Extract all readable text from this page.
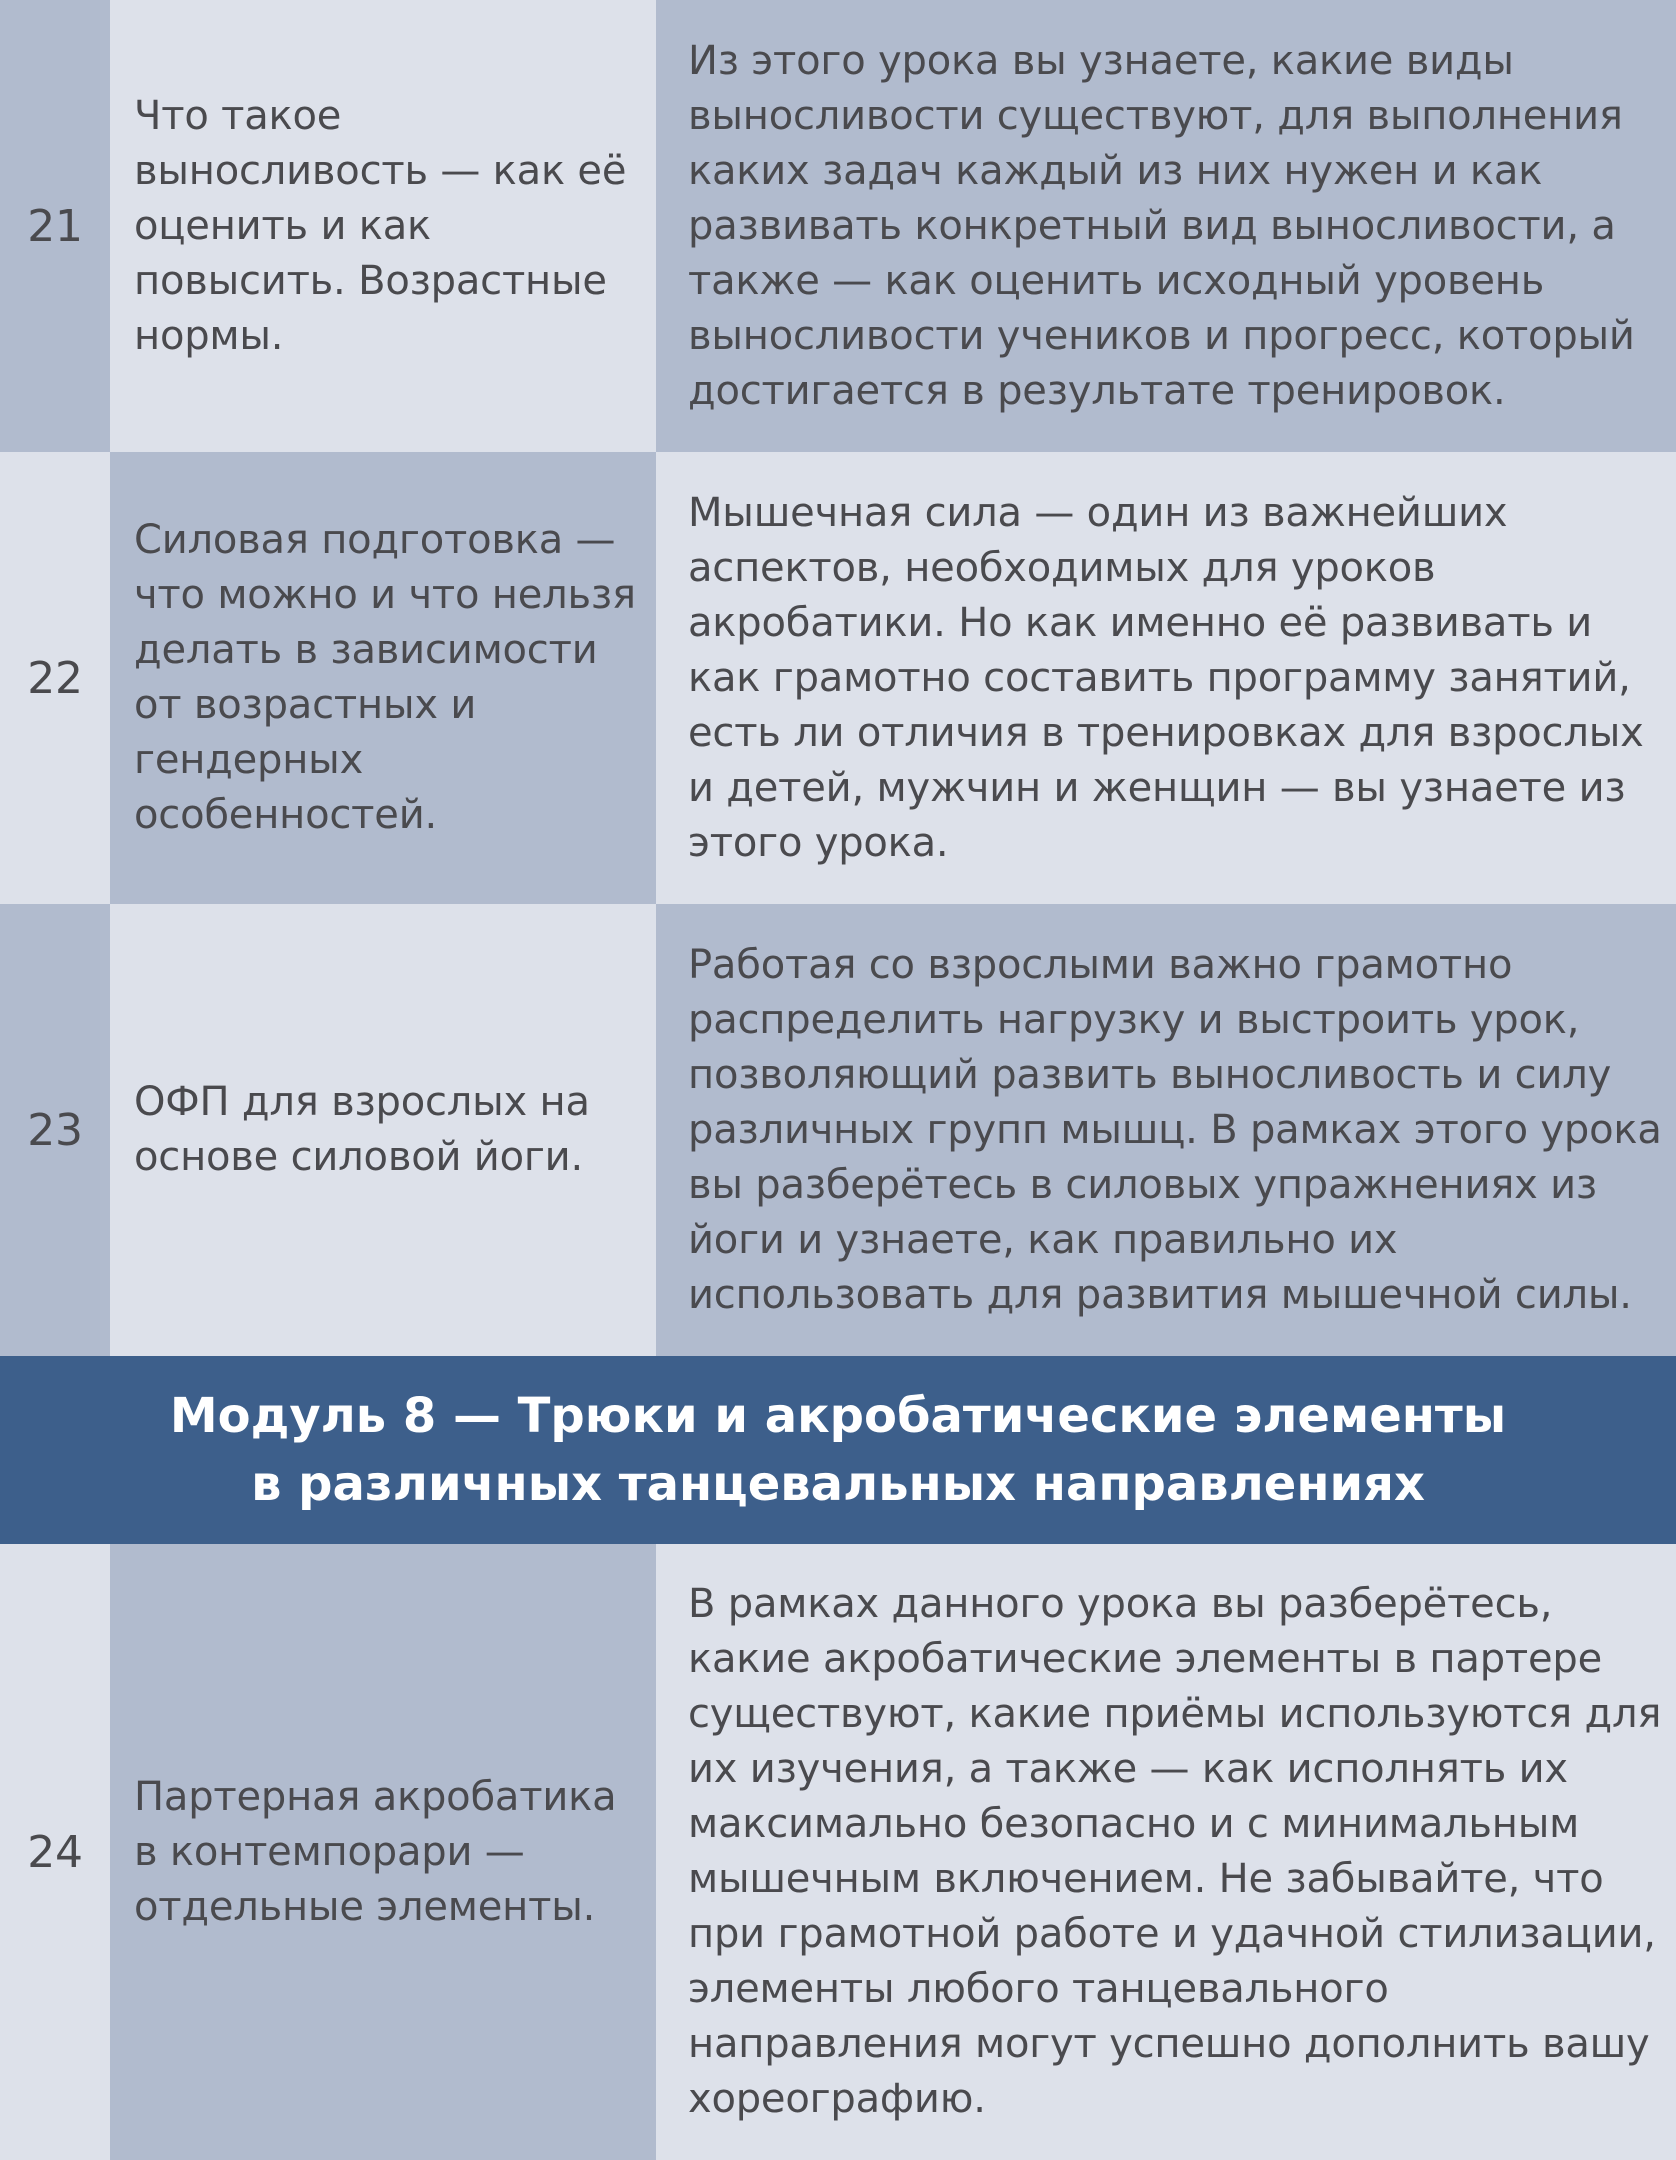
21
Что такое выносливость — как её оценить и как повысить. Возрастные нормы.
Из этого урока вы узнаете, какие виды выносливости существуют, для выполнения каких задач каждый из них нужен и как развивать конкретный вид выносливости, а также — как оценить исходный уровень выносливости учеников и прогресс, который достигается в результате тренировок.
22
Силовая подготовка — что можно и что нельзя делать в зависимости от возрастных и гендерных особенностей.
Мышечная сила — один из важнейших аспектов, необходимых для уроков акробатики. Но как именно её развивать и как грамотно составить программу занятий, есть ли отличия в тренировках для взрослых и детей, мужчин и женщин — вы узнаете из этого урока.
23
ОФП для взрослых на основе силовой йоги.
Работая со взрослыми важно грамотно распределить нагрузку и выстроить урок, позволяющий развить выносливость и силу различных групп мышц. В рамках этого урока вы разберётесь в силовых упражнениях из йоги и узнаете, как правильно их использовать для развития мышечной силы.
Модуль 8 — Трюки и акробатические элементы
в различных танцевальных направлениях
24
Партерная акробатика в контемпорари — отдельные элементы.
В рамках данного урока вы разберётесь, какие акробатические элементы в партере существуют, какие приёмы используются для их изучения, а также — как исполнять их максимально безопасно и с минимальным мышечным включением. Не забывайте, что при грамотной работе и удачной стилизации, элементы любого танцевального направления могут успешно дополнить вашу хореографию.
